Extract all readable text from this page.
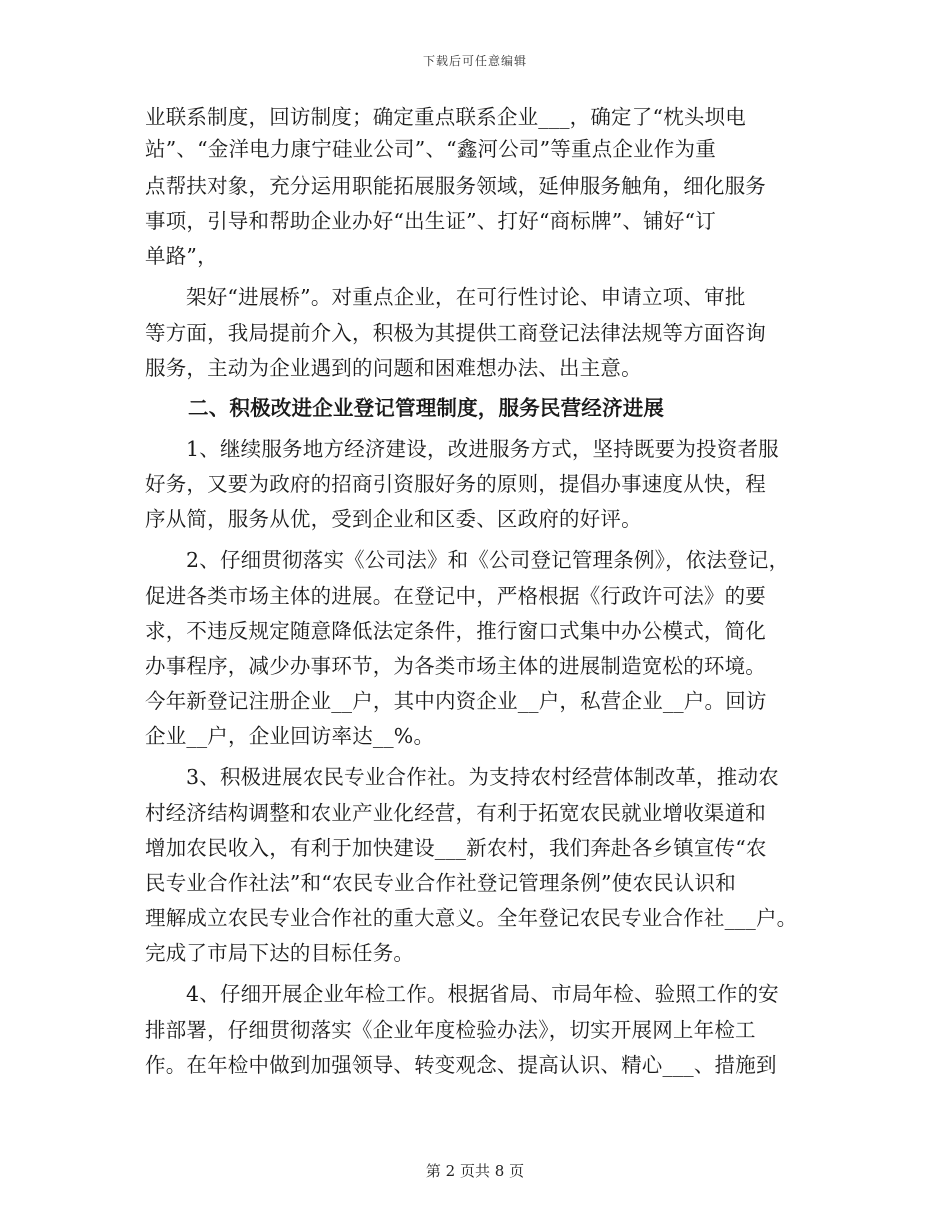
下载后可任意编辑
业联系制度，回访制度；确定重点联系企业___，确定了“枕头坝电
站”、“金洋电力康宁硅业公司”、“鑫河公司”等重点企业作为重
点帮扶对象，充分运用职能拓展服务领域，延伸服务触角，细化服务
事项，引导和帮助企业办好“出生证”、打好“商标牌”、铺好“订
单路”，
架好“进展桥”。对重点企业，在可行性讨论、申请立项、审批
等方面，我局提前介入，积极为其提供工商登记法律法规等方面咨询
服务，主动为企业遇到的问题和困难想办法、出主意。
二、积极改进企业登记管理制度，服务民营经济进展
1、继续服务地方经济建设，改进服务方式，坚持既要为投资者服
好务，又要为政府的招商引资服好务的原则，提倡办事速度从快，程
序从简，服务从优，受到企业和区委、区政府的好评。
2、仔细贯彻落实《公司法》和《公司登记管理条例》，依法登记，
促进各类市场主体的进展。在登记中，严格根据《行政许可法》的要
求，不违反规定随意降低法定条件，推行窗口式集中办公模式，简化
办事程序，减少办事环节，为各类市场主体的进展制造宽松的环境。
今年新登记注册企业__户，其中内资企业__户，私营企业__户。回访
企业__户，企业回访率达__%。
3、积极进展农民专业合作社。为支持农村经营体制改革，推动农
村经济结构调整和农业产业化经营，有利于拓宽农民就业增收渠道和
增加农民收入，有利于加快建设___新农村，我们奔赴各乡镇宣传“农
民专业合作社法”和“农民专业合作社登记管理条例”使农民认识和
理解成立农民专业合作社的重大意义。全年登记农民专业合作社___户。
完成了市局下达的目标任务。
4、仔细开展企业年检工作。根据省局、市局年检、验照工作的安
排部署，仔细贯彻落实《企业年度检验办法》，切实开展网上年检工
作。在年检中做到加强领导、转变观念、提高认识、精心___、措施到
第 2 页共 8 页
